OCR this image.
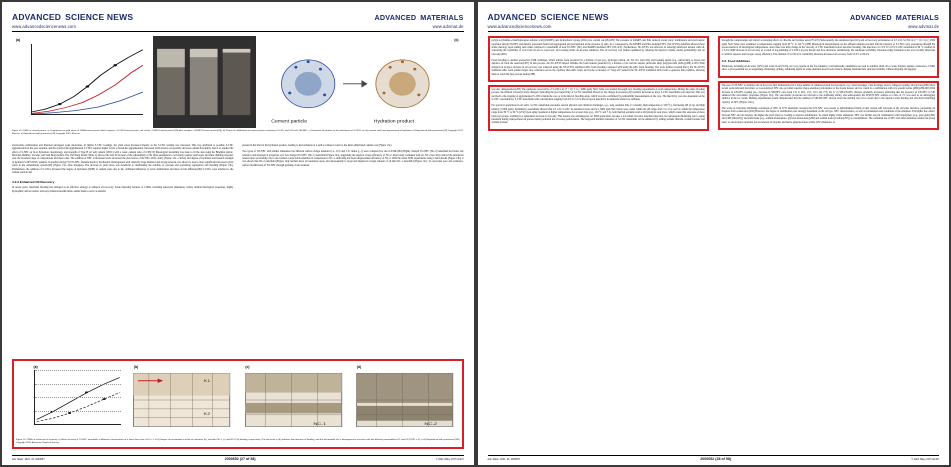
ADVANCED SCIENCE NEWS
www.advancedsciencenews.com
ADVANCED MATERIALS
www.advmat.de
(a)	(c)
Cement particle	Hydration product
Figure 13. CNMs in cement pastes. a) Comparison on yield stress of CNM/cement pastes (black squares—S-CNC/cement pastes; red circles—S-NFC/cement pastes;[28] blue triangles—UN-NFC/cement pastes[29]). b) Photos of stabilization of cement pastes containing 0, 0.4%, and 0.03 wt% UN-NFC. c) Schematic illustration on the attachment of S-CNCs on the cement shell and improvement of hydration. b) Reproduced with permission.[29] Copyright 2017, Elsevier. a) Reproduced with permission.[28] Copyright 2015, Elsevier.

electrostatic stabilization and liberated entrapped water molecules. At higher S-CNC loadings, the yield stress increased linearly as the S-CNC loading was increased. This was attributed to possible S-CNC agglomeration in the pore solution, and the system with agglomerated S-CNCs requires higher forces to break the agglomeration. Increased yield stresses can possibly decrease cement flowability. Sun et al. studied the effect of S-NFC on flow, hydration, morphology, and strength of Type H oil well cement (OWC) with a water–cement ratio of 0.38.[74] Rheological modelling was done to fit the data using the Bingham plastic, Herschel–Bulkley, Vocadlo, and Vom Berg models. The Vom Berg model (Table 1) showed the best fit because of the adjustability of the three parameters to accurately capture yield stress and shear thinning response over the broadest range of compositions and shear rates. The addition of NFC at moderate levels increased the yield stress of the NFC-OWC slurry (Figure 13a—circles) and degree of hydration and flexural strength of hydrated S-NFC/OWC samples. In another study,[75] UN-NFC, manufactured by mechanical disintegration with relatively large diameter and strong network, was shown to lead to more significant increase in yield stress in the cementitious system.[29] (Figure 13a—blue triangles). The increase in yield stress was beneficial to maintaining the stability of concrete and preventing segregation and bleeding (Figure 13b). Furthermore, the addition of S-CNCs increased the degree of hydration (DOH) of cement paste due to the combined influences of steric stabilization and short circuit diffusion.[86] S-CNCs were attached to the cement particle and

4.2.3 Enhanced Oil Recovery

In recent years, nanofluid flooding has emerged as an effective strategy to enhance oil recovery. Some imposing features of CNMs, including nanoscale dimension, widely tunable rheological properties, highly hydrophilic surface nature, and easy chemical modification, enable them to serve as suitable

present in the shell of the hydration product, leading to the formation of a path to transport water to the inner unhydrated cement core (Figure 13c).

Two types of TO-NFC with similar dimension but different surface charge densities (i.e., 0.72 and 1.51 mmol g−1) were compared for use in EOR.[284] Highly charged TO-NFC (NC-2) nanofluid had better salt tolerance and rheological properties over less charged TO-NFC (NC-1) nanofluid (Figure 14a), suggesting the superior sweep efficiency of NC-2. After being combined with oil, NC-2 not only reduced the interfacial tension more profoundly, but it also formed coarse stable emulsion in comparison to NC-1, indicating the better displacement efficiency of NC-2. With the visual EOR experiments using a micromodel (Figure 14b), it was shown that NC-2 nanofluid (Figure 14d) reached more oil saturation areas, and subsequently it swept and displaced a larger amount of oil than NC-1 nanofluid (Figure 14c). To overcome poor salt resistance, surface modification of TO-NFC through grafting of salt-resistant

(a)	(b)
K1
K2
(c)
NC-1
(d)
NC-2
Figure 14. CNMs in enhanced oil recovery. a) Shear viscosity of TO-NFC nanofluids at different concentrations at a fixed shear rate of 10 s−1. b–d) Images of micromodel at initial oil saturation (b), and after NC-1 (c) and NC-2 (d) flooding, respectively. The red arrow in (b) indicates flow direction of flooding, and the micromodel has a heterogeneous structure with two different permeabilities K1 and K2 (K2/K1 = 5). a–d) Reproduced with permission.[284] Copyright 2016, American Chemical Society.
Adv. Mater. 2021, 33, 2000657	2000652 (27 of 58)	© 2021 Wiley-VCH GmbH
ADVANCED SCIENCE NEWS
www.advancedsciencenews.com
ADVANCED MATERIALS
www.advmat.de

poly(2-acrylamido-2-methylpropane sulfonic acid) (PAMPS) and hydrophobic groups (PdG) was carried out.[283,285] The presence of PAMPS and PdG induced strong steric stabilization and electrostatic repulsion among TO-NFC and thereby prevented them from aggregation and precipitation in the presence of salts. As a consequence, the PAMPS and PdG modified NFC (NC-KYSS) nanofluid showed more stable rheology upon adding salts when compared to nanofluids of neat TO-NFC (NC) and PAMPS modified NFC (NC-KY). Furthermore, NC-KYSS was effective in reducing interfacial tension with oil, converting the wettability of rock from oil-wet to water-wet, and creating stable oil-in-water emulsion. The oil recovery was further optimized by tailoring the injected volume, media permeability and oil viscosity.[285]

Foam flooding is another prospective EOR technique, which utilizes foam produced by a mixture of gas (e.g., hydrogen carbon, air, N2, O2, and CO2) and foaming agents (e.g., surfactants) to sweep and displace oil from the reservoir.[287] In this process, the NC-KYSS helped stabilize the foam lamella generated by a mixture of air and the anionic surfactant alkyl polyglucoside (APG).[288] A 20% EOR stripped oil in-place increase in oil recovery was achieved using the NC-KYSS stabilized APG foam flooding compared with using the APG foam flooding. The work further revealed that i) the NC-KYSS stabilized APG foam yielded larger flow resistance across the capillary than APG foam; and ii) the occurrence of "snap-off" induced the NC-KYSS stabilized APG foam to generate finer bubbles, allowing them to reach the deep porous media.[288]

was also demonstrated.[285] The sandstone reservoirity of S-CNCs in 17 × 10−3 w (~4000 ppm) NaCl brine was studied thorough core flooding experiments at room temperature. During the entire flooding process, the effluent viscosity barely changed, indicating the good injectivity of S-CNC nanofluid. However, the change in pressure (ΔP) steadily increased as more S-CNC nanofluids were injected. This was ascribed to the trapping of agglomerated S-CNCs inside the core or at the inlet of flooding setup, which was also confirmed by permeability measurements of the core. The injectivity was also dependent on the S-CNC concentration. S-CNC nanofluids with concentration ranging from 0.5 to 2 wt% showed good injectivity in sandstone under low salinities.

For practical application in oil wells, S-CNC nanofluids encounter several physical and chemical challenges, e.g., long retention time (>1 month), high temperature (>100 °C), fluctuating pH (5–9), and high salinity (>1000 ppm). Preliminary assessment showed that 0.5 wt% S-CNC in deionized water and in a 3000 ppm NaCl brine were stable within the pH range from 5 to 9 as well as within the temperature range from 30 °C to 90 °C.[274] Upon aging treatment at higher temperatures for several days (e.g., 120 °C and 7 d), both thermal oxidation and acid hydrolysis took place, which caused the exposure of more hydroxyl groups, resulting in a substantial increase in viscosity. This feature was advantageous for EOR application, because a low initial viscosity benefited injection, but subsequent thickening due to aging treatment during transportation in porous media promoted the oil sweep performance. The long-term thermal resistance of S-CNC nanofluids can be enhanced by adding sodium chloride, cesium formate and sodium formate

through the complexation and radical scavenging effects of chloride and formate ions.[275,276] Subsequently, the sandstone injectivity and oil recovery performance of 0.5 wt% S-CNC in 17 × 10−3 w (~1000 ppm) NaCl brine were examined at temperatures ranging from 60 °C to 120 °C.[280] Rheological measurements on the effluent samples revealed that the majority of S-CNCs were propagated through the porous media at all investigated temperatures, since there was little change in the viscosity of CNC nanofluids before and after flooding. The injection of 11 PV 0.5 wt% S-CNC nanofluids at 90 °C resulted in a 3.4% OOIP increase in oil recovery as a result of log-jamming of S-CNCs in pore throats and flow diversion. Additionally, the sandstone wettability alteration using formation water was crucially important to achieve superior microscopic sweep efficiency. The addition of S-CNCs for wettability alteration increased oil recovery from 51.0% to 69.4%.

4.3. Food Additives

Emulsions, including oil-in-water (O/W) and water-in-oil (W/O), are very popular in the food industry. Conventionally, emulsifiers are used to stabilize small oil or water droplets against coalescence. CNMs show a great potential use as suspending, thickening, gelling, stabilizing agents in some emulsion-based food products, helping maintain their structural stability without dripping and sagging.

The use of UN-NFC to stabilize oils in food was first demonstrated in a large number of emulsion-based food products, e.g., salad dressings, cake frostings, sauces, whipped topping, and gravies.[289] More recent work indicated that plant- or wood-derived NFC also provided superior shape retention performance to the frozen dessert and ice cream in a combination with rice protein isolate (RPI).[289,290] With increase in UN-NFC loading (i.e., decrease in SPI/NFC ratio from 1/8, to 20/1, 15/1, 10/1 and 7/3), the G′ of SPI/UN-NFC mixture gradually increased, indicating that the presence of UN-NFC in SPI enhanced the viscoelastic properties (Figure 15a). The viscoelastic properties are relevant to the stabilizing ability, and subsequently the SPI/UN-NFC sample at a ratio of 7/1 was used as an antisagging additive in the ice cream. Melting experimental results demonstrated that the addition of SPI/UN-NFC slowed down the melting rate of ice cream due to the superior water holding and structural stabilizing capacity of NFC (Figure 15a,b).

The work on structural stabilizing conclusion of NFC in O/W emulsions revealed that UN-NFC was present as individualized fibrils or/and created stiff networks at the oil/water interface, preventing oil droplets from coalescence.[292] However, the degree of stabilization was strongly dependent on the oil type, NFC characteristics, as well as formulation and conditions of the emulsion. The higher the contact between NFC and oil droplets, the higher the yield stress is, leading to superior stabilization. To obtain highly stable emulsions, NFC was further used in combination with biopolymers (e.g., guar gum,[293] and CMC[294,295]), and surfactants (e.g., sodium monolaurate, glycerol monooleate,[296] and sodium dodecyl sulfate[297]) as cosolubilizers. The combined use of NFC and other stabilizers resulted in strong steric or electrostatic repulsion forces between oil droplets and hence generated more stable O/W emulsions, as

Adv. Mater. 2021, 33, 2000657	2000652 (28 of 58)	© 2021 Wiley-VCH GmbH
